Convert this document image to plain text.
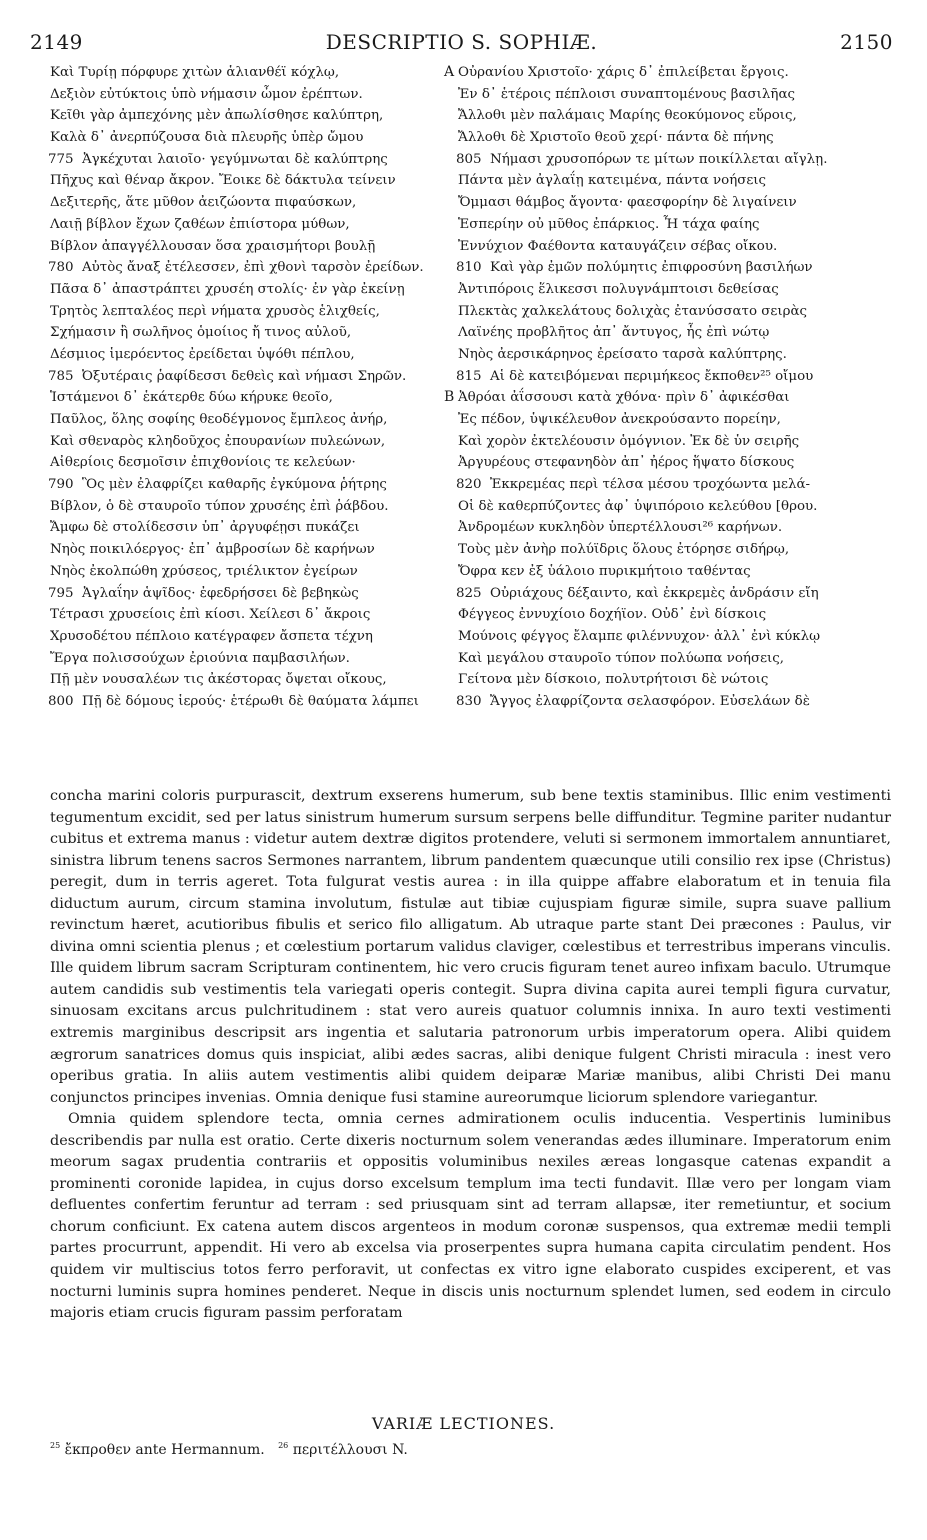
2149	DESCRIPTIO S. SOPHIÆ.	2150
Καὶ Τυρίῃ πόρφυρε χιτὼν ἁλιανθέϊ κόχλῳ,
Δεξιὸν εὐτύκτοις ὑπὸ νήμασιν ὦμον ἐρέπτων.
Κεῖθι γὰρ ἀμπεχόνης μὲν ἀπωλίσθησε καλύπτρη,
Καλὰ δ᾽ ἀνερπύζουσα διὰ πλευρῆς ὑπὲρ ὤμου
775 Ἀγκέχυται λαιοῖο· γεγύμνωται δὲ καλύπτρης
Πῆχυς καὶ θέναρ ἄκρον. Ἔοικε δὲ δάκτυλα τείνειν
Δεξιτερῆς, ἅτε μῦθον ἀειζώοντα πιφαύσκων,
Λαιῇ βίβλον ἔχων ζαθέων ἐπιίστορα μύθων,
Βίβλον ἀπαγγέλλουσαν ὅσα χραισμήτορι βουλῇ
780 Αὐτὸς ἄναξ ἐτέλεσσεν, ἐπὶ χθονὶ ταρσὸν ἐρείδων.
Πᾶσα δ᾽ ἀπαστράπτει χρυσέη στολίς· ἐν γὰρ ἐκείνῃ
Τρητὸς λεπταλέος περὶ νήματα χρυσὸς ἑλιχθείς,
Σχήμασιν ἢ σωλῆνος ὁμοίιος ἤ τινος αὐλοῦ,
Δέσμιος ἱμερόεντος ἐρείδεται ὑψόθι πέπλου,
785 Ὀξυτέραις ῥαφίδεσσι δεθεὶς καὶ νήμασι Σηρῶν.
Ἱστάμενοι δ᾽ ἑκάτερθε δύω κήρυκε θεοῖο,
Παῦλος, ὅλης σοφίης θεοδέγμονος ἔμπλεος ἀνήρ,
Καὶ σθεναρὸς κληδοῦχος ἐπουρανίων πυλεώνων,
Αἰθερίοις δεσμοῖσιν ἐπιχθονίοις τε κελεύων·
790 Ὃς μὲν ἐλαφρίζει καθαρῆς ἐγκύμονα ῥήτρης
Βίβλον, ὁ δὲ σταυροῖο τύπον χρυσέης ἐπὶ ῥάβδου.
Ἄμφω δὲ στολίδεσσιν ὑπ᾽ ἀργυφέῃσι πυκάζει
Νηὸς ποικιλόεργος· ἐπ᾽ ἀμβροσίων δὲ καρήνων
Νηὸς ἐκολπώθη χρύσεος, τριέλικτον ἐγείρων
795 Ἀγλαΐην ἁψῖδος· ἐφεδρήσσει δὲ βεβηκὼς
Τέτρασι χρυσείοις ἐπὶ κίοσι. Χείλεσι δ᾽ ἄκροις
Χρυσοδέτου πέπλοιο κατέγραφεν ἄσπετα τέχνη
Ἔργα πολισσούχων ἐριούνια παμβασιλήων.
Πῇ μὲν νουσαλέων τις ἀκέστορας ὄψεται οἴκους,
800 Πῇ δὲ δόμους ἱερούς· ἑτέρωθι δὲ θαύματα λάμπει
A Οὐρανίου Χριστοῖο· χάρις δ᾽ ἐπιλείβεται ἔργοις.
Ἐν δ᾽ ἑτέροις πέπλοισι συναπτομένους βασιλῆας
Ἄλλοθι μὲν παλάμαις Μαρίης θεοκύμονος εὕροις,
Ἄλλοθι δὲ Χριστοῖο θεοῦ χερί· πάντα δὲ πήνης
805 Νήμασι χρυσοπόρων τε μίτων ποικίλλεται αἴγλῃ.
Πάντα μὲν ἀγλαΐῃ κατειμένα, πάντα νοήσεις
Ὄμμασι θάμβος ἄγοντα· φαεσφορίην δὲ λιγαίνειν
Ἑσπερίην οὐ μῦθος ἐπάρκιος. Ἦ τάχα φαίης
Ἐννύχιον Φαέθοντα καταυγάζειν σέβας οἴκου.
810 Καὶ γὰρ ἐμῶν πολύμητις ἐπιφροσύνη βασιλήων
Ἀντιπόροις ἕλικεσσι πολυγνάμπτοισι δεθείσας
Πλεκτὰς χαλκελάτους δολιχὰς ἐτανύσσατο σειρὰς
Λαϊνέης προβλῆτος ἀπ᾽ ἄντυγος, ἧς ἐπὶ νώτῳ
Νηὸς ἀερσικάρηνος ἐρείσατο ταρσὰ καλύπτρης.
815 Αἱ δὲ κατειβόμεναι περιμήκεος ἔκποθεν²⁵ οἴμου
B Ἀθρόαι ἀΐσσουσι κατὰ χθόνα· πρὶν δ᾽ ἀφικέσθαι
Ἐς πέδον, ὑψικέλευθον ἀνεκρούσαντο πορείην,
Καὶ χορὸν ἐκτελέουσιν ὁμόγνιον. Ἐκ δὲ ὑν σειρῆς
Ἀργυρέους στεφανηδὸν ἀπ᾽ ἠέρος ἥψατο δίσκους
820 Ἐκκρεμέας περὶ τέλσα μέσου τροχόωντα μελά-
Οἱ δὲ καθερπύζοντες ἀφ᾽ ὑψιπόροιο κελεύθου [θρου.
Ἀνδρομέων κυκληδὸν ὑπερτέλλουσι²⁶ καρήνων.
Τοὺς μὲν ἀνὴρ πολύϊδρις ὅλους ἐτόρησε σιδήρῳ,
Ὄφρα κεν ἐξ ὑάλοιο πυρικμήτοιο ταθέντας
825 Οὐριάχους δέξαιντο, καὶ ἐκκρεμὲς ἀνδράσιν εἴη
Φέγγεος ἐννυχίοιο δοχήϊον. Οὐδ᾽ ἐνὶ δίσκοις
Μούνοις φέγγος ἔλαμπε φιλέννυχον· ἀλλ᾽ ἐνὶ κύκλῳ
Καὶ μεγάλου σταυροῖο τύπον πολύωπα νοήσεις,
Γείτονα μὲν δίσκοιο, πολυτρήτοισι δὲ νώτοις
830 Ἄγγος ἐλαφρίζοντα σελασφόρον. Εὐσελάων δὲ

concha marini coloris purpurascit, dextrum exserens humerum, sub bene textis staminibus. Illic enim vestimenti tegumentum excidit, sed per latus sinistrum humerum sursum serpens belle diffunditur. Tegmine pariter nudantur cubitus et extrema manus : videtur autem dextræ digitos protendere, veluti si sermonem immortalem annuntiaret, sinistra librum tenens sacros Sermones narrantem, librum pandentem quæcunque utili consilio rex ipse (Christus) peregit, dum in terris ageret. Tota fulgurat vestis aurea : in illa quippe affabre elaboratum et in tenuia fila diductum aurum, circum stamina involutum, fistulæ aut tibiæ cujuspiam figuræ simile, supra suave pallium revinctum hæret, acutioribus fibulis et serico filo alligatum. Ab utraque parte stant Dei præcones : Paulus, vir divina omni scientia plenus ; et cœlestium portarum validus claviger, cœlestibus et terrestribus imperans vinculis. Ille quidem librum sacram Scripturam continentem, hic vero crucis figuram tenet aureo infixam baculo. Utrumque autem candidis sub vestimentis tela variegati operis contegit. Supra divina capita aurei templi figura curvatur, sinuosam excitans arcus pulchritudinem : stat vero aureis quatuor columnis innixa. In auro texti vestimenti extremis marginibus descripsit ars ingentia et salutaria patronorum urbis imperatorum opera. Alibi quidem ægrorum sanatrices domus quis inspiciat, alibi ædes sacras, alibi denique fulgent Christi miracula : inest vero operibus gratia. In aliis autem vestimentis alibi quidem deiparæ Mariæ manibus, alibi Christi Dei manu conjunctos principes invenias. Omnia denique fusi stamine aureorumque liciorum splendore variegantur.

Omnia quidem splendore tecta, omnia cernes admirationem oculis inducentia. Vespertinis luminibus describendis par nulla est oratio. Certe dixeris nocturnum solem venerandas ædes illuminare. Imperatorum enim meorum sagax prudentia contrariis et oppositis voluminibus nexiles æreas longasque catenas expandit a prominenti coronide lapidea, in cujus dorso excelsum templum ima tecti fundavit. Illæ vero per longam viam defluentes confertim feruntur ad terram : sed priusquam sint ad terram allapsæ, iter remetiuntur, et socium chorum conficiunt. Ex catena autem discos argenteos in modum coronæ suspensos, qua extremæ medii templi partes procurrunt, appendit. Hi vero ab excelsa via proserpentes supra humana capita circulatim pendent. Hos quidem vir multiscius totos ferro perforavit, ut confectas ex vitro igne elaborato cuspides exciperent, et vas nocturni luminis supra homines penderet. Neque in discis unis nocturnum splendet lumen, sed eodem in circulo majoris etiam crucis figuram passim perforatam

VARIÆ LECTIONES.
$^{25}$ ἔκπροθεν ante Hermannum. $^{26}$ περιτέλλουσι N.
